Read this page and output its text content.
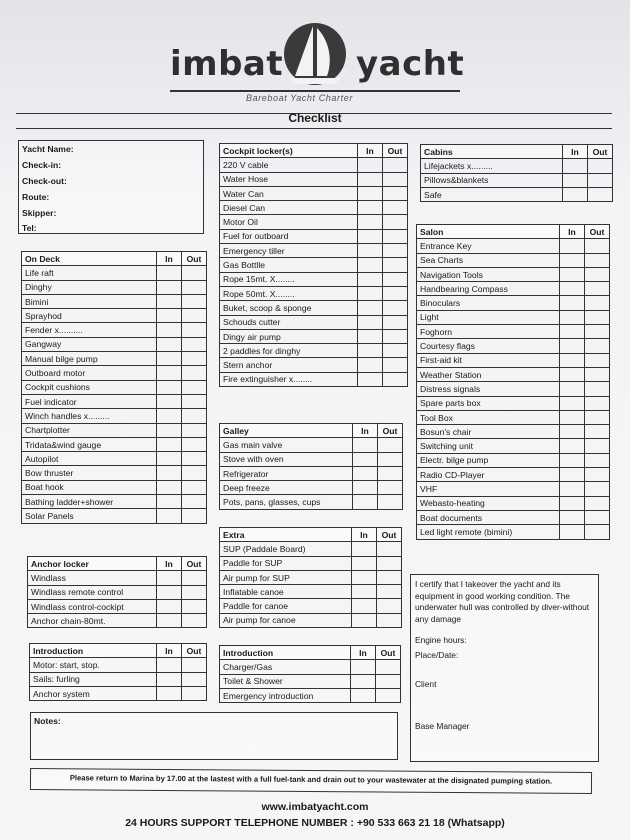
imbat yacht
Bareboat Yacht Charter
Checklist
Yacht Name:
Check-in:
Check-out:
Route:
Skipper:
Tel:
On Deck	In	Out
Life raft		
Dinghy		
Bimini		
Sprayhod		
Fender x..........		
Gangway		
Manual bilge pump		
Outboard motor		
Cockpit cushions		
Fuel indicator		
Winch handles x.........		
Chartplotter		
Tridata&wind gauge		
Autopilot		
Bow thruster		
Boat hook		
Bathing ladder+shower		
Solar Panels		
Anchor locker	In	Out
Windlass		
Windlass remote control		
Windlass control-cockipt		
Anchor chain-80mt.		
Introduction	In	Out
Motor: start, stop.		
Sails: furling		
Anchor system		
Cockpit locker(s)	In	Out
220 V cable		
Water Hose		
Water Can		
Diesel Can		
Motor Oil		
Fuel for outboard		
Emergency tiller		
Gas Bottlle		
Rope 15mt. X........		
Rope 50mt. X........		
Buket, scoop & sponge		
Schouds cutter		
Dingy air pump		
2 paddles for dinghy		
Stern anchor		
Fire extinguisher x........		
Galley	In	Out
Gas main valve		
Stove with oven		
Refrigerator		
Deep freeze		
Pots, pans, glasses, cups		
Extra	In	Out
SUP (Paddale Board)		
Paddle for SUP		
Air pump for SUP		
Inflatable canoe		
Paddle for canoe		
Air pump for canoe		
Introduction	In	Out
Charger/Gas		
Toilet & Shower		
Emergency introduction		
Cabins	In	Out
Lifejackets x.........		
Pillows&blankets		
Safe		
Salon	In	Out
Entrance Key		
Sea Charts		
Navigation Tools		
Handbearing Compass		
Binoculars		
Light		
Foghorn		
Courtesy flags		
First-aid kit		
Weather Station		
Distress signals		
Spare parts box		
Tool Box		
Bosun's chair		
Switching unit		
Electr. bilge pump		
Radio CD-Player		
VHF		
Webasto-heating		
Boat documents		
Led light remote (bimini)		
I certify that I takeover the yacht and its equipment in good working condition. The underwater hull was controlled by diver-without any damage
Engine hours:
Place/Date:
Client
Base Manager
Notes:
Please return to Marina by 17.00 at the lastest with a full fuel-tank and drain out to your wastewater at the disignated pumping station.
www.imbatyacht.com
24 HOURS SUPPORT TELEPHONE NUMBER : +90 533 663 21 18 (Whatsapp)
